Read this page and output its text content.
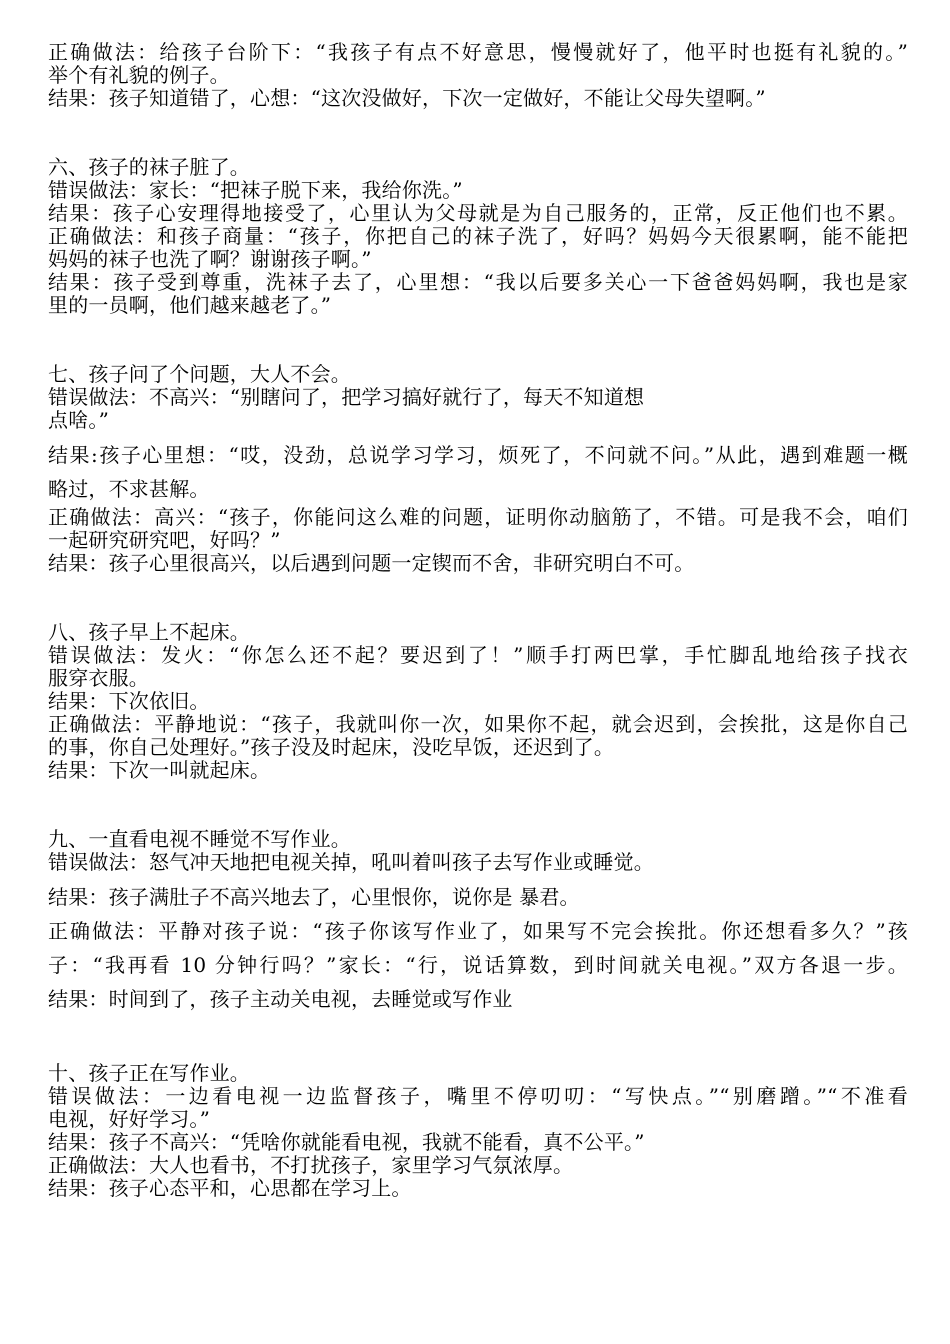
正确做法：给孩子台阶下：“我孩子有点不好意思，慢慢就好了，他平时也挺有礼貌的。”
举个有礼貌的例子。
结果：孩子知道错了，心想：“这次没做好，下次一定做好，不能让父母失望啊。”
六、孩子的袜子脏了。
错误做法：家长：“把袜子脱下来，我给你洗。”
结果：孩子心安理得地接受了，心里认为父母就是为自己服务的，正常，反正他们也不累。
正确做法：和孩子商量：“孩子，你把自己的袜子洗了，好吗？妈妈今天很累啊，能不能把
妈妈的袜子也洗了啊？谢谢孩子啊。”
结果：孩子受到尊重，洗袜子去了，心里想：“我以后要多关心一下爸爸妈妈啊，我也是家
里的一员啊，他们越来越老了。”
七、孩子问了个问题，大人不会。
错误做法：不高兴：“别瞎问了，把学习搞好就行了，每天不知道想
点啥。”
结果:孩子心里想：“哎，没劲，总说学习学习，烦死了，不问就不问。”从此，遇到难题一概
略过，不求甚解。
正确做法：高兴：“孩子，你能问这么难的问题，证明你动脑筋了，不错。可是我不会，咱们
一起研究研究吧，好吗？”
结果：孩子心里很高兴，以后遇到问题一定锲而不舍，非研究明白不可。
八、孩子早上不起床。
错误做法：发火：“你怎么还不起？要迟到了！”顺手打两巴掌，手忙脚乱地给孩子找衣
服穿衣服。
结果：下次依旧。
正确做法：平静地说：“孩子，我就叫你一次，如果你不起，就会迟到，会挨批，这是你自己
的事，你自己处理好。”孩子没及时起床，没吃早饭，还迟到了。
结果：下次一叫就起床。
九、一直看电视不睡觉不写作业。
错误做法：怒气冲天地把电视关掉，吼叫着叫孩子去写作业或睡觉。
结果：孩子满肚子不高兴地去了，心里恨你，说你是 暴君。
正确做法：平静对孩子说：“孩子你该写作业了，如果写不完会挨批。你还想看多久？”孩
子：“我再看 10 分钟行吗？”家长：“行，说话算数，到时间就关电视。”双方各退一步。
结果：时间到了，孩子主动关电视，去睡觉或写作业
十、孩子正在写作业。
错误做法：一边看电视一边监督孩子，嘴里不停叨叨：“写快点。”“别磨蹭。”“不准看
电视，好好学习。”
结果：孩子不高兴：“凭啥你就能看电视，我就不能看，真不公平。”
正确做法：大人也看书，不打扰孩子，家里学习气氛浓厚。
结果：孩子心态平和，心思都在学习上。
